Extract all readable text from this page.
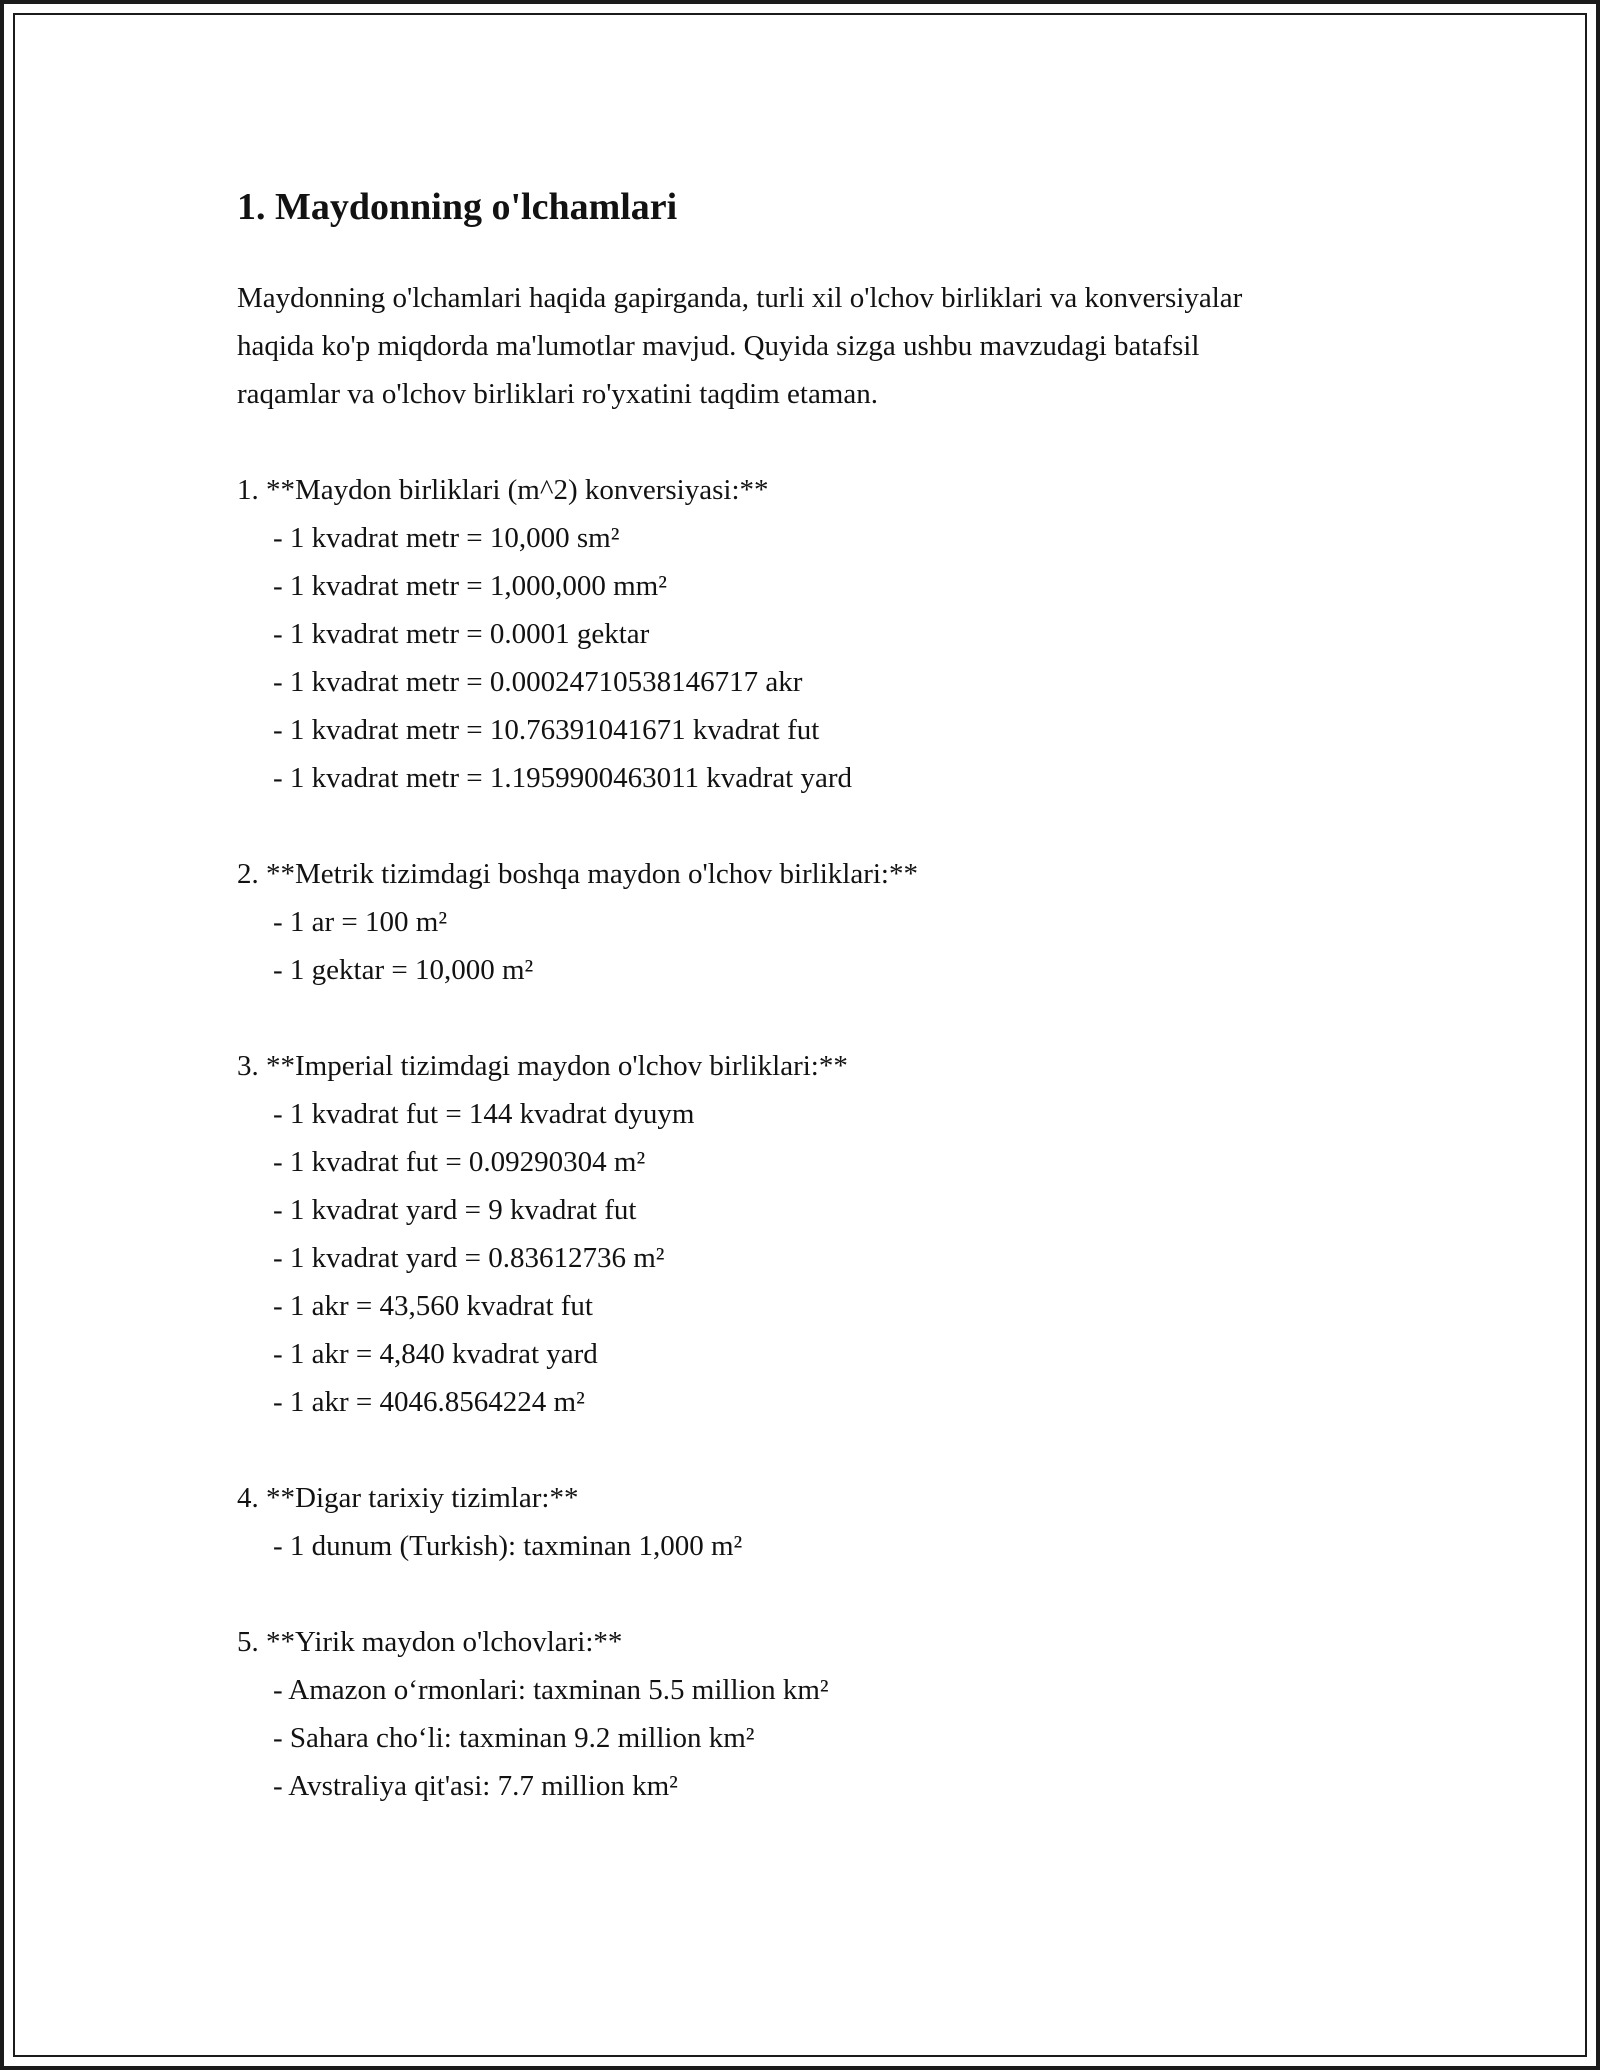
1. Maydonning o'lchamlari

Maydonning o'lchamlari haqida gapirganda, turli xil o'lchov birliklari va konversiyalar haqida ko'p miqdorda ma'lumotlar mavjud. Quyida sizga ushbu mavzudagi batafsil raqamlar va o'lchov birliklari ro'yxatini taqdim etaman.

1. **Maydon birliklari (m^2) konversiyasi:**
- 1 kvadrat metr = 10,000 sm²
- 1 kvadrat metr = 1,000,000 mm²
- 1 kvadrat metr = 0.0001 gektar
- 1 kvadrat metr = 0.00024710538146717 akr
- 1 kvadrat metr = 10.76391041671 kvadrat fut
- 1 kvadrat metr = 1.1959900463011 kvadrat yard
2. **Metrik tizimdagi boshqa maydon o'lchov birliklari:**
- 1 ar = 100 m²
- 1 gektar = 10,000 m²
3. **Imperial tizimdagi maydon o'lchov birliklari:**
- 1 kvadrat fut = 144 kvadrat dyuym
- 1 kvadrat fut = 0.09290304 m²
- 1 kvadrat yard = 9 kvadrat fut
- 1 kvadrat yard = 0.83612736 m²
- 1 akr = 43,560 kvadrat fut
- 1 akr = 4,840 kvadrat yard
- 1 akr = 4046.8564224 m²
4. **Digar tarixiy tizimlar:**
- 1 dunum (Turkish): taxminan 1,000 m²
5. **Yirik maydon o'lchovlari:**
- Amazon o‘rmonlari: taxminan 5.5 million km²
- Sahara cho‘li: taxminan 9.2 million km²
- Avstraliya qit'asi: 7.7 million km²
